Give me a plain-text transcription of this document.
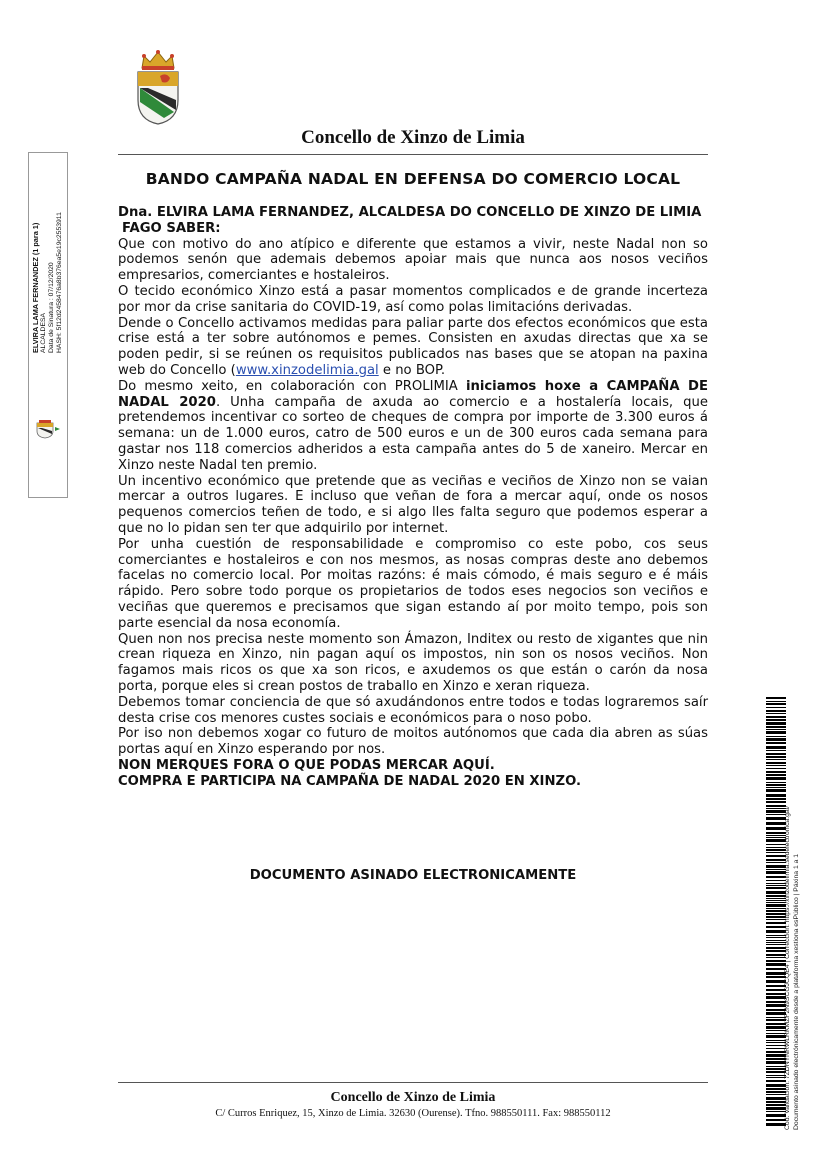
Concello de Xinzo de Limia
BANDO CAMPAÑA NADAL EN DEFENSA DO COMERCIO LOCAL

Dna. ELVIRA LAMA FERNANDEZ, ALCALDESA DO CONCELLO DE XINZO DE LIMIA

FAGO SABER:

Que con motivo do ano atípico e diferente que estamos a vivir, neste Nadal non so podemos senón que ademais debemos apoiar mais que nunca aos nosos veciños empresarios, comerciantes e hostaleiros.

O tecido económico Xinzo está a pasar momentos complicados e de grande incerteza por mor da crise sanitaria do COVID-19, así como polas limitacións derivadas.

Dende o Concello activamos medidas para paliar parte dos efectos económicos que esta crise está a ter sobre autónomos e pemes. Consisten en axudas directas que xa se poden pedir, si se reúnen os requisitos publicados nas bases que se atopan na paxina web do Concello (www.xinzodelimia.gal e no BOP.

Do mesmo xeito, en colaboración con PROLIMIA iniciamos hoxe a CAMPAÑA DE NADAL 2020. Unha campaña de axuda ao comercio e a hostalería locais, que pretendemos incentivar co sorteo de cheques de compra por importe de 3.300 euros á semana: un de 1.000 euros, catro de 500 euros e un de 300 euros cada semana para gastar nos 118 comercios adheridos a esta campaña antes do 5 de xaneiro. Mercar en Xinzo neste Nadal ten premio.

Un incentivo económico que pretende que as veciñas e veciños de Xinzo non se vaian mercar a outros lugares. E incluso que veñan de fora a mercar aquí, onde os nosos pequenos comercios teñen de todo, e si algo lles falta seguro que podemos esperar a que no lo pidan sen ter que adquirilo por internet.

Por unha cuestión de responsabilidade e compromiso co este pobo, cos seus comerciantes e hostaleiros e con nos mesmos, as nosas compras deste ano debemos facelas no comercio local. Por moitas razóns: é mais cómodo, é mais seguro e é máis rápido. Pero sobre todo porque os propietarios de todos eses negocios son veciños e veciñas que queremos e precisamos que sigan estando aí por moito tempo, pois son parte esencial da nosa economía.

Quen non nos precisa neste momento son Ámazon, Inditex ou resto de xigantes que nin crean riqueza en Xinzo, nin pagan aquí os impostos, nin son os nosos veciños. Non fagamos mais ricos os que xa son ricos, e axudemos os que están o carón da nosa porta, porque eles si crean postos de traballo en Xinzo e xeran riqueza.

Debemos tomar conciencia de que só axudándonos entre todos e todas lograremos saír desta crise cos menores custes sociais e económicos para o noso pobo.

Por iso non debemos xogar co futuro de moitos autónomos que cada dia abren as súas portas aquí en Xinzo esperando por nos.

NON MERQUES FORA O QUE PODAS MERCAR AQUÍ.

COMPRA E PARTICIPA NA CAMPAÑA DE NADAL 2020 EN XINZO.

DOCUMENTO ASINADO ELECTRONICAMENTE
ELVIRA LAMA FERNANDEZ (1 para 1) ALCALDESA Data de Sinatura : 07/12/2020 HASH: 5f12d2458476a8b376ea5e19c2553911
Cod. Validación: 7ZDNYNRWLRKMZF2N9SCGJCQE4 | Corrección: https://xinzodelimia.sedelectronica.gal/ Documento asinado electrónicamente desde a plataforma xestiona esPúblico | Páxina 1 a 1
Concello de Xinzo de Limia
C/ Curros Enriquez, 15, Xinzo de Limia. 32630 (Ourense). Tfno. 988550111. Fax: 988550112
